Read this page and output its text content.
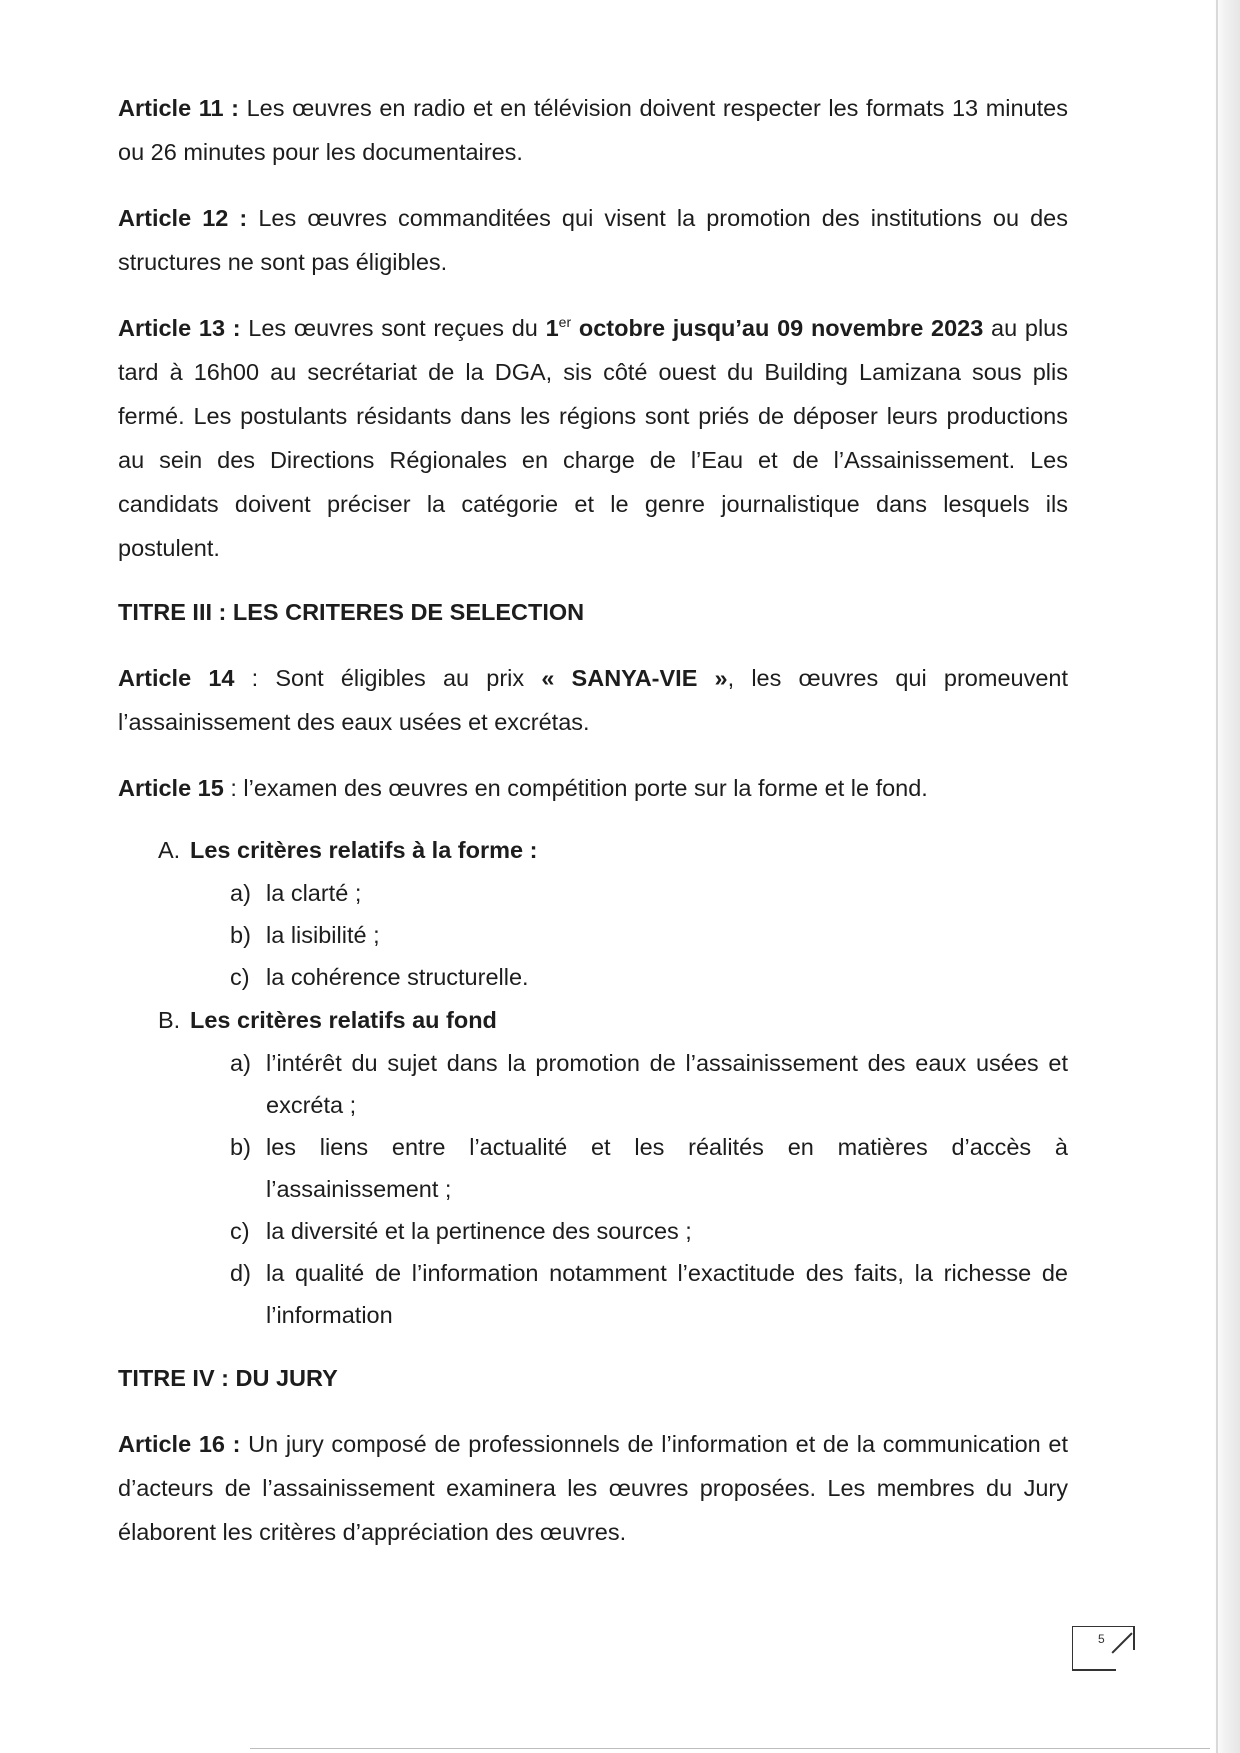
Article 11 : Les œuvres en radio et en télévision doivent respecter les formats 13 minutes ou 26 minutes pour les documentaires.

Article 12 : Les œuvres commanditées qui visent la promotion des institutions ou des structures ne sont pas éligibles.

Article 13 : Les œuvres sont reçues du 1er octobre jusqu’au 09 novembre 2023 au plus tard à 16h00 au secrétariat de la DGA, sis côté ouest du Building Lamizana sous plis fermé. Les postulants résidants dans les régions sont priés de déposer leurs productions au sein des Directions Régionales en charge de l’Eau et de l’Assainissement. Les candidats doivent préciser la catégorie et le genre journalistique dans lesquels ils postulent.

TITRE III : LES CRITERES DE SELECTION

Article 14 : Sont éligibles au prix « SANYA-VIE », les œuvres qui promeuvent l’assainissement des eaux usées et excrétas.

Article 15 : l’examen des œuvres en compétition porte sur la forme et le fond.

A. Les critères relatifs à la forme :
a) la clarté ;
b) la lisibilité ;
c) la cohérence structurelle.
B. Les critères relatifs au fond
a) l’intérêt du sujet dans la promotion de l’assainissement des eaux usées et excréta ;
b) les liens entre l’actualité et les réalités en matières d’accès à l’assainissement ;
c) la diversité et la pertinence des sources ;
d) la qualité de l’information notamment l’exactitude des faits, la richesse de l’information

TITRE IV : DU JURY

Article 16 : Un jury composé de professionnels de l’information et de la communication et d’acteurs de l’assainissement examinera les œuvres proposées. Les membres du Jury élaborent les critères d’appréciation des œuvres.

5
